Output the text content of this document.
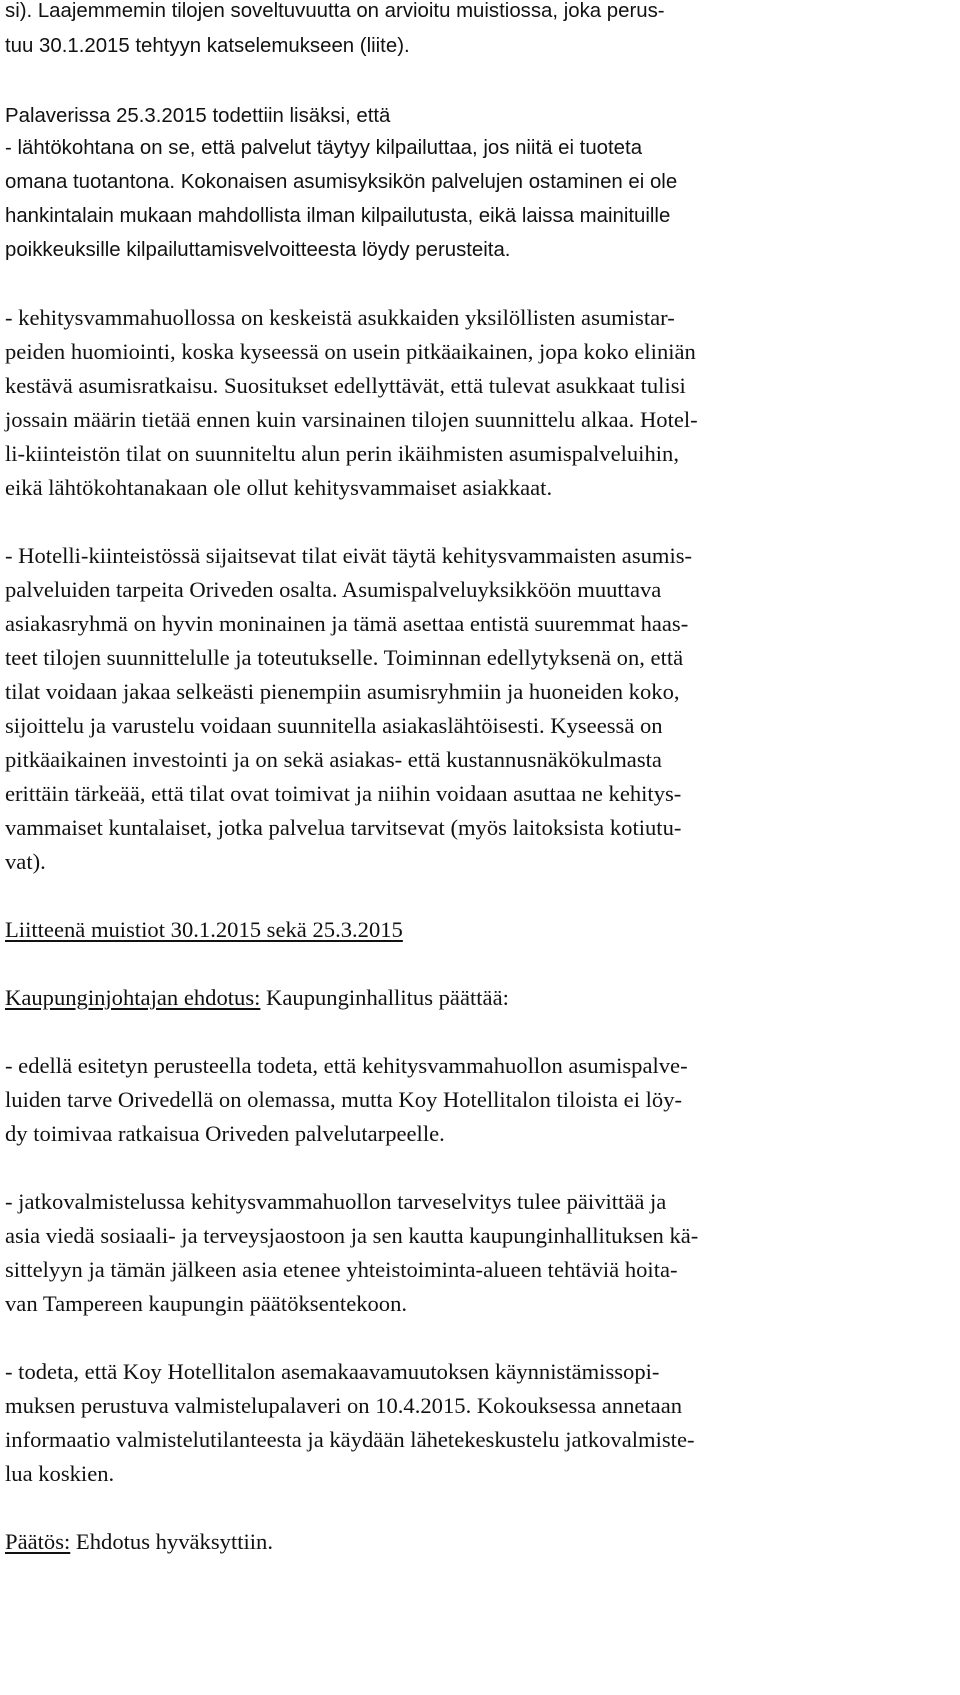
si). Laajemmemin tilojen soveltuvuutta on arvioitu muistiossa, joka perus-
tuu 30.1.2015 tehtyyn katselemukseen (liite).
Palaverissa 25.3.2015 todettiin lisäksi, että
- lähtökohtana on se, että palvelut täytyy kilpailuttaa, jos niitä ei tuoteta
omana tuotantona. Kokonaisen asumisyksikön palvelujen ostaminen ei ole
hankintalain mukaan mahdollista ilman kilpailutusta, eikä laissa mainituille
poikkeuksille kilpailuttamisvelvoitteesta löydy perusteita.
- kehitysvammahuollossa on keskeistä asukkaiden yksilöllisten asumistar-
peiden huomiointi, koska kyseessä on usein pitkäaikainen, jopa koko eliniän
kestävä asumisratkaisu. Suositukset edellyttävät, että tulevat asukkaat tulisi
jossain määrin tietää ennen kuin varsinainen tilojen suunnittelu alkaa. Hotel-
li-kiinteistön tilat on suunniteltu alun perin ikäihmisten asumispalveluihin,
eikä lähtökohtanakaan ole ollut kehitysvammaiset asiakkaat.
- Hotelli-kiinteistössä sijaitsevat tilat eivät täytä kehitysvammaisten asumis-
palveluiden tarpeita Oriveden osalta. Asumispalveluyksikköön muuttava
asiakasryhmä on hyvin moninainen ja tämä asettaa entistä suuremmat haas-
teet tilojen suunnittelulle ja toteutukselle. Toiminnan edellytyksenä on, että
tilat voidaan jakaa selkeästi pienempiin asumisryhmiin ja huoneiden koko,
sijoittelu ja varustelu voidaan suunnitella asiakaslähtöisesti. Kyseessä on
pitkäaikainen investointi ja on sekä asiakas- että kustannusnäkökulmasta
erittäin tärkeää, että tilat ovat toimivat ja niihin voidaan asuttaa ne kehitys-
vammaiset kuntalaiset, jotka palvelua tarvitsevat (myös laitoksista kotiutu-
vat).
Liitteenä muistiot 30.1.2015 sekä 25.3.2015
Kaupunginjohtajan ehdotus: Kaupunginhallitus päättää:
- edellä esitetyn perusteella todeta, että kehitysvammahuollon asumispalve-
luiden tarve Orivedellä on olemassa, mutta Koy Hotellitalon tiloista ei löy-
dy toimivaa ratkaisua Oriveden palvelutarpeelle.
- jatkovalmistelussa kehitysvammahuollon tarveselvitys tulee päivittää ja
asia viedä sosiaali- ja terveysjaostoon ja sen kautta kaupunginhallituksen kä-
sittelyyn ja tämän jälkeen asia etenee yhteistoiminta-alueen tehtäviä hoita-
van Tampereen kaupungin päätöksentekoon.
- todeta, että Koy Hotellitalon asemakaavamuutoksen käynnistämissopi-
muksen perustuva valmistelupalaveri on 10.4.2015. Kokouksessa annetaan
informaatio valmistelutilanteesta ja käydään lähetekeskustelu jatkovalmiste-
lua koskien.
Päätös: Ehdotus hyväksyttiin.
